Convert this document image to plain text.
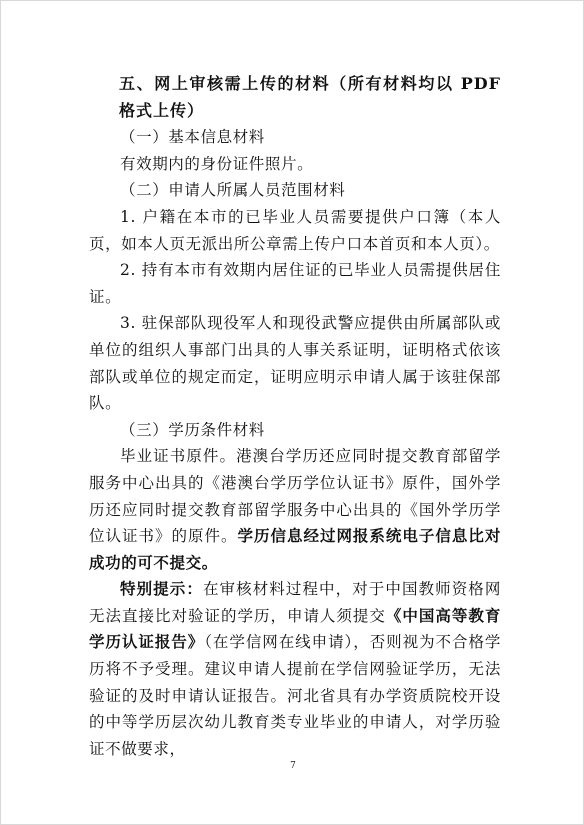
五、网上审核需上传的材料（所有材料均以 PDF 格式上传）

（一）基本信息材料

有效期内的身份证件照片。

（二）申请人所属人员范围材料

1. 户籍在本市的已毕业人员需要提供户口簿（本人页，如本人页无派出所公章需上传户口本首页和本人页）。

2. 持有本市有效期内居住证的已毕业人员需提供居住证。

3. 驻保部队现役军人和现役武警应提供由所属部队或单位的组织人事部门出具的人事关系证明，证明格式依该部队或单位的规定而定，证明应明示申请人属于该驻保部队。

（三）学历条件材料

毕业证书原件。港澳台学历还应同时提交教育部留学服务中心出具的《港澳台学历学位认证书》原件，国外学历还应同时提交教育部留学服务中心出具的《国外学历学位认证书》的原件。学历信息经过网报系统电子信息比对成功的可不提交。

特别提示：在审核材料过程中，对于中国教师资格网无法直接比对验证的学历，申请人须提交《中国高等教育学历认证报告》（在学信网在线申请），否则视为不合格学历将不予受理。建议申请人提前在学信网验证学历，无法验证的及时申请认证报告。河北省具有办学资质院校开设的中等学历层次幼儿教育类专业毕业的申请人，对学历验证不做要求，

7
